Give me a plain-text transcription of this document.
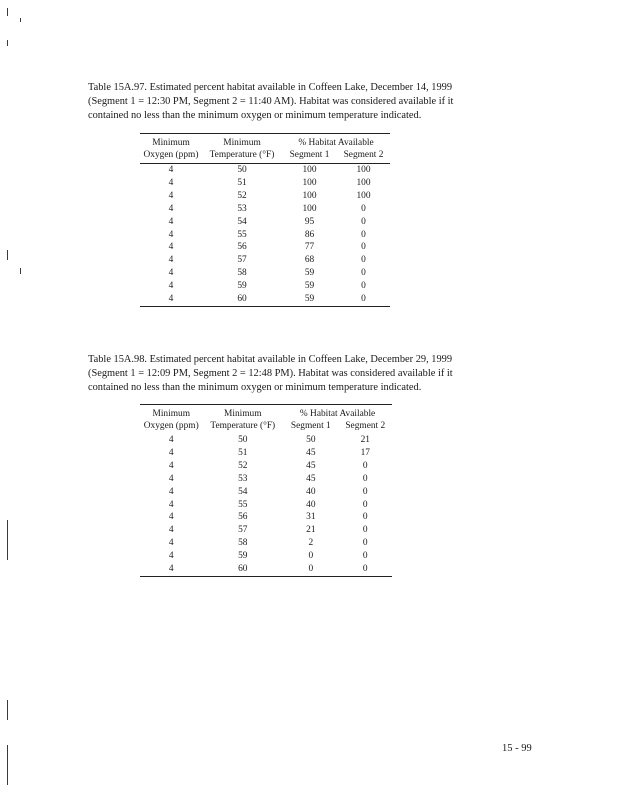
Table 15A.97. Estimated percent habitat available in Coffeen Lake, December 14, 1999 (Segment 1 = 12:30 PM, Segment 2 = 11:40 AM). Habitat was considered available if it contained no less than the minimum oxygen or minimum temperature indicated.

Minimum	Minimum	% Habitat Available	
Oxygen (ppm)	Temperature (°F)	Segment 1	Segment 2
4	50	100	100
4	51	100	100
4	52	100	100
4	53	100	0
4	54	95	0
4	55	86	0
4	56	77	0
4	57	68	0
4	58	59	0
4	59	59	0
4	60	59	0

Table 15A.98. Estimated percent habitat available in Coffeen Lake, December 29, 1999 (Segment 1 = 12:09 PM, Segment 2 = 12:48 PM). Habitat was considered available if it contained no less than the minimum oxygen or minimum temperature indicated.

Minimum	Minimum	% Habitat Available	
Oxygen (ppm)	Temperature (°F)	Segment 1	Segment 2
4	50	50	21
4	51	45	17
4	52	45	0
4	53	45	0
4	54	40	0
4	55	40	0
4	56	31	0
4	57	21	0
4	58	2	0
4	59	0	0
4	60	0	0
15 - 99
